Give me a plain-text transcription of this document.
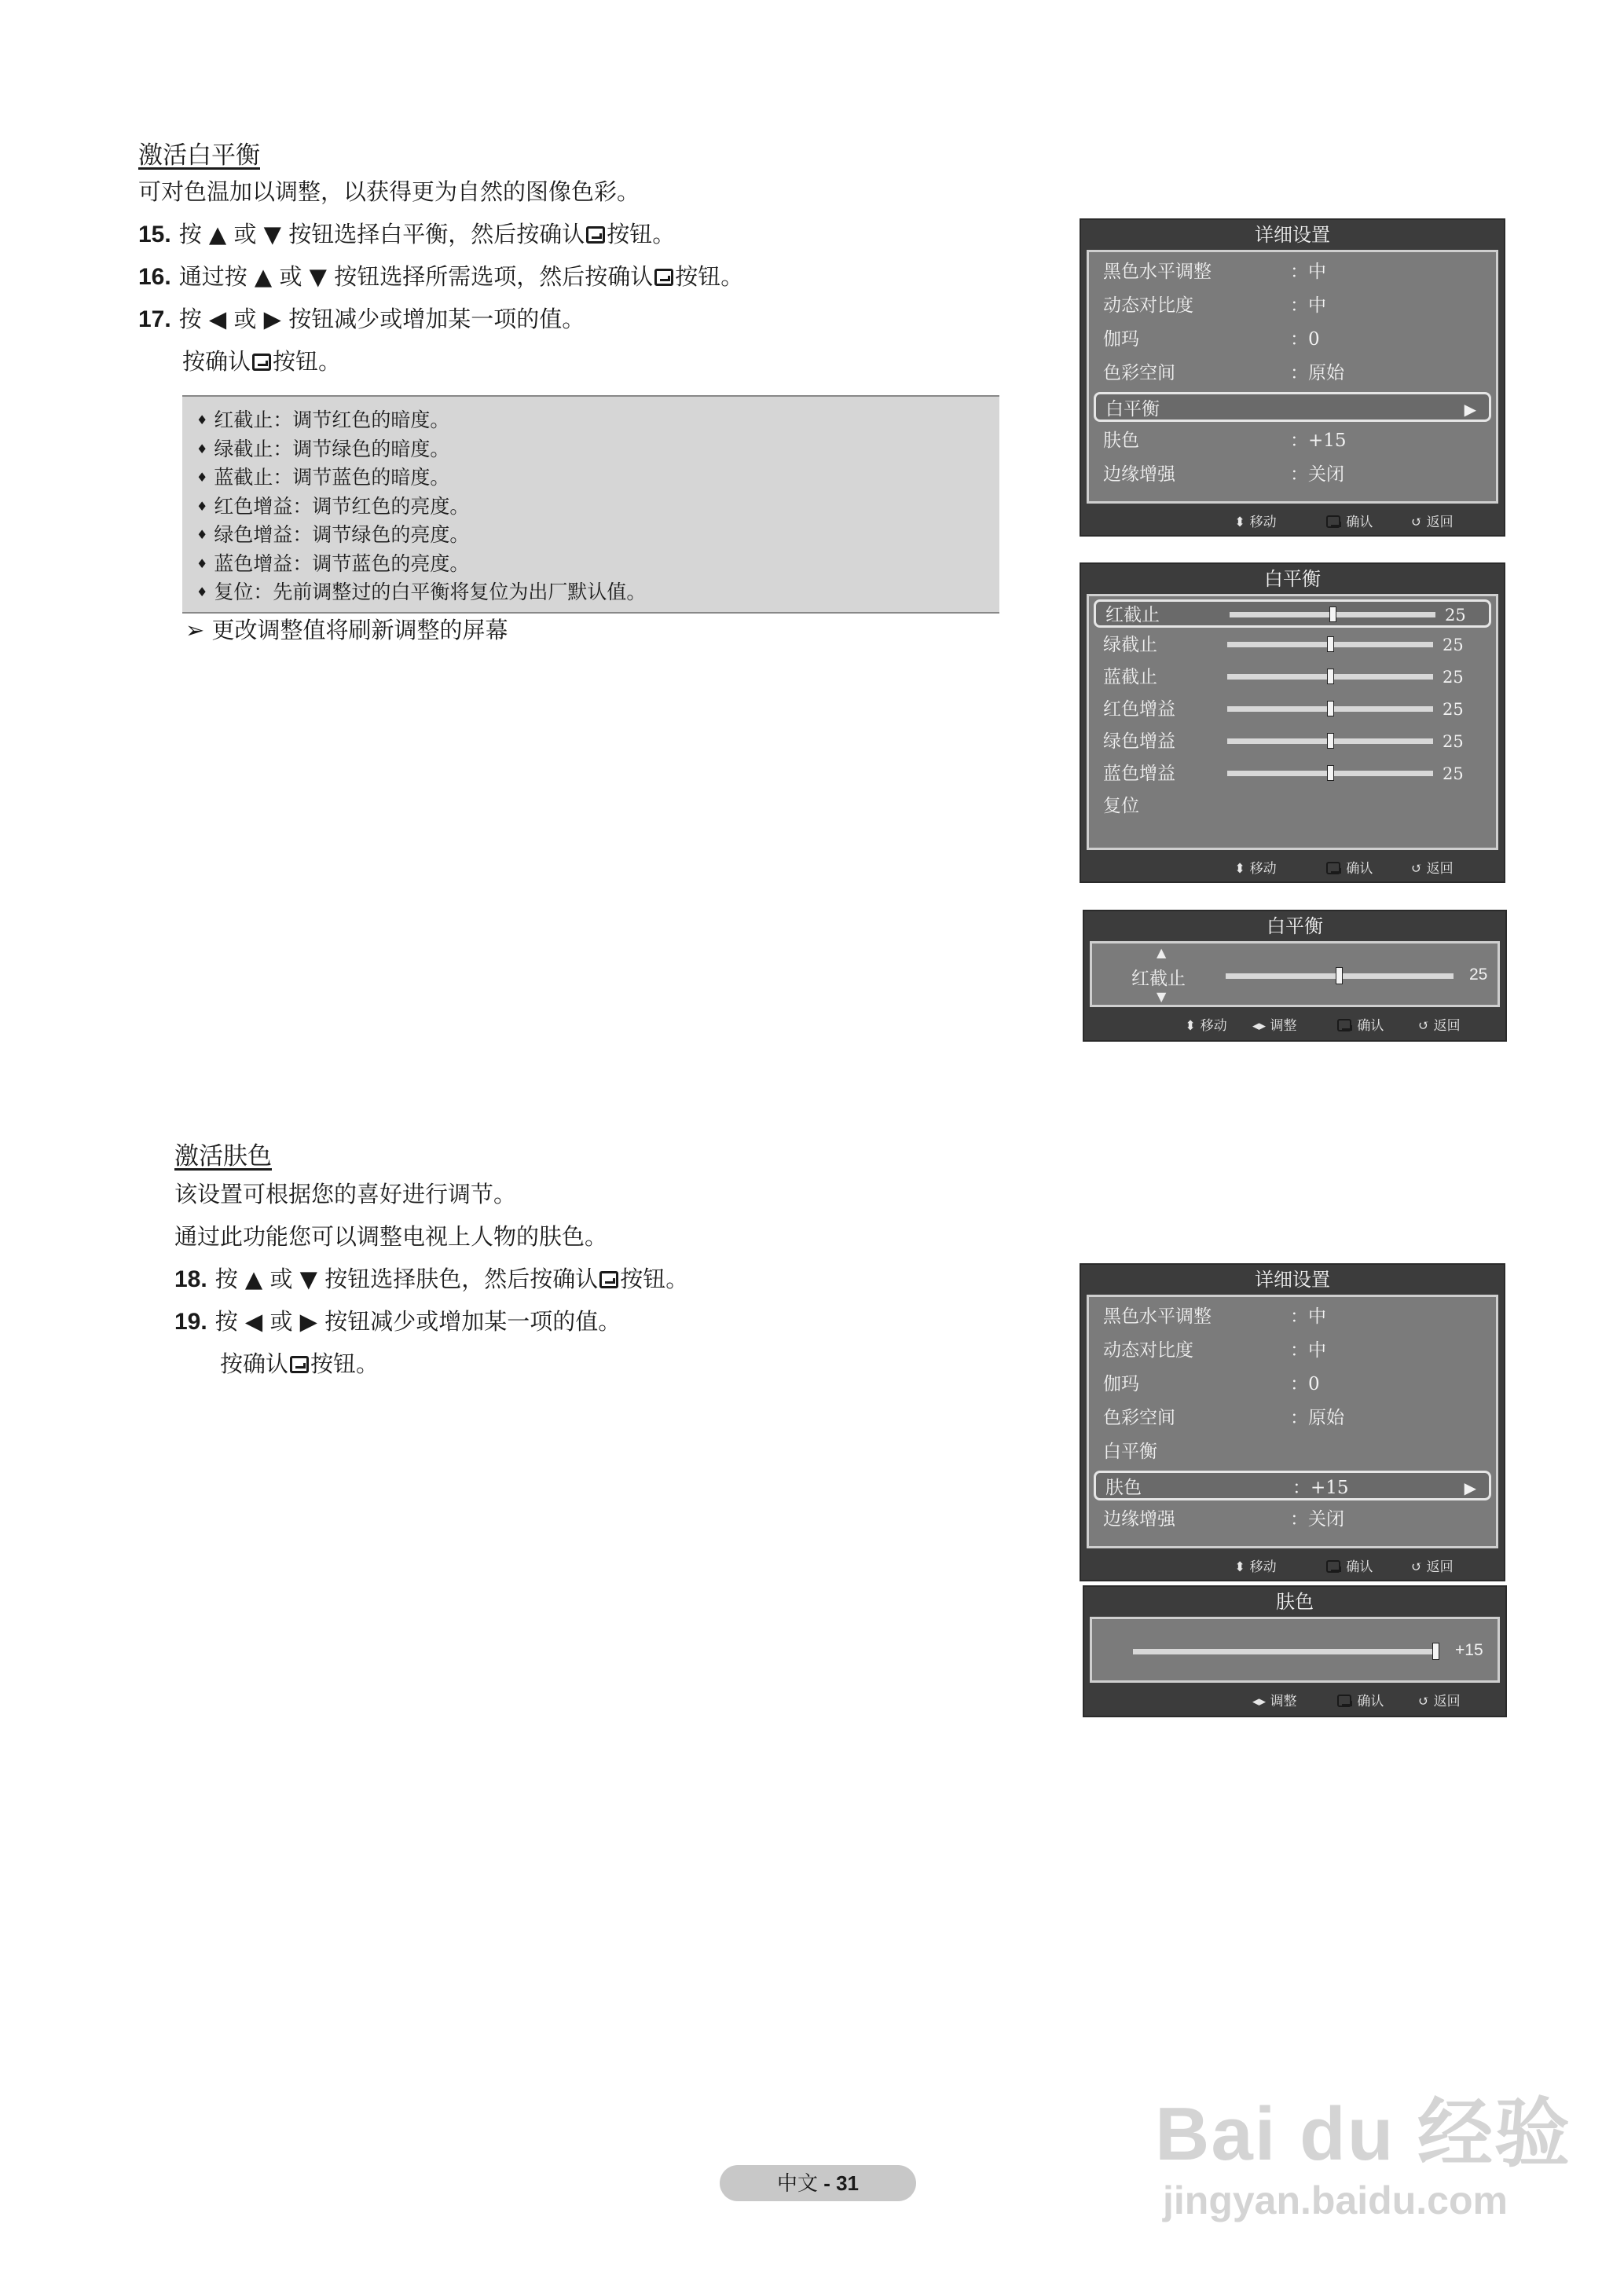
激活白平衡
可对色温加以调整，以获得更为自然的图像色彩。
15. 按 ▲ 或 ▼ 按钮选择白平衡，然后按确认 按钮。
16. 通过按 ▲ 或 ▼ 按钮选择所需选项，然后按确认 按钮。
17. 按 ◀ 或 ▶ 按钮减少或增加某一项的值。
按确认 按钮。
♦ 红截止：调节红色的暗度。
♦ 绿截止：调节绿色的暗度。
♦ 蓝截止：调节蓝色的暗度。
♦ 红色增益：调节红色的亮度。
♦ 绿色增益：调节绿色的亮度。
♦ 蓝色增益：调节蓝色的亮度。
♦ 复位：先前调整过的白平衡将复位为出厂默认值。
➢ 更改调整值将刷新调整的屏幕
激活肤色
该设置可根据您的喜好进行调节。
通过此功能您可以调整电视上人物的肤色。
18. 按 ▲ 或 ▼ 按钮选择肤色，然后按确认 按钮。
19. 按 ◀ 或 ▶ 按钮减少或增加某一项的值。
按确认 按钮。
详细设置
黑色水平调整	：中
动态对比度	：中
伽玛	：0
色彩空间	：原始
白平衡	▶
肤色	：+15
边缘增强	：关闭
⬍ 移动	确认	↺ 返回
白平衡
红截止	25
绿截止	25
蓝截止	25
红色增益	25
绿色增益	25
蓝色增益	25
复位
⬍ 移动	确认	↺ 返回
白平衡
▲
红截止
▼
25
⬍ 移动 ◂▸ 调整	确认	↺ 返回
详细设置
黑色水平调整	：中
动态对比度	：中
伽玛	：0
色彩空间	：原始
白平衡
肤色	：+15	▶
边缘增强	：关闭
⬍ 移动	确认	↺ 返回
肤色
+15
◂▸ 调整	确认	↺ 返回
中文 - 31
Bai du 经验
jingyan.baidu.com
